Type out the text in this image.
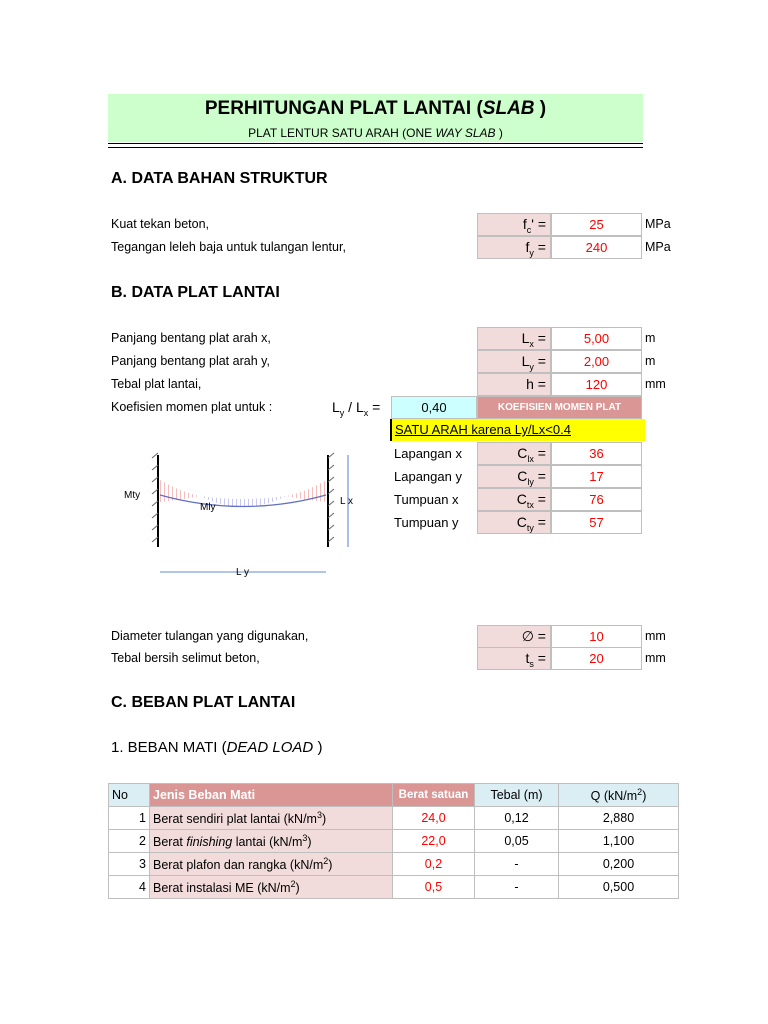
PERHITUNGAN PLAT LANTAI (SLAB )
PLAT LENTUR SATU ARAH (ONE WAY SLAB )
A. DATA BAHAN STRUKTUR
Kuat tekan beton,	$f_c'$ =	25	MPa
Tegangan leleh baja untuk tulangan lentur,	$f_y$ =	240	MPa
B. DATA PLAT LANTAI
Panjang bentang plat arah x,	$L_x$ =	5,00	m
Panjang bentang plat arah y,	$L_y$ =	2,00	m
Tebal plat lantai,	h =	120	mm
Koefisien momen plat untuk :	$L_y / L_x$ =	0,40	KOEFISIEN MOMEN PLAT
SATU ARAH karena Ly/Lx<0.4
Lapangan x	$C_{lx}$ =	36
Lapangan y	$C_{ly}$ =	17
Tumpuan x	$C_{tx}$ =	76
Tumpuan y	$C_{ty}$ =	57
L x
L y
Mty
Mly
Diameter tulangan yang digunakan,	∅ =	10	mm
Tebal bersih selimut beton,	$t_s$ =	20	mm
C. BEBAN PLAT LANTAI
1. BEBAN MATI (DEAD LOAD )
No	Jenis Beban Mati	Berat satuan	Tebal (m)	Q $(kN/m^2)$
1	Berat sendiri plat lantai $(kN/m^3)$	24,0	0,12	2,880
2	Berat finishing lantai $(kN/m^3)$	22,0	0,05	1,100
3	Berat plafon dan rangka $(kN/m^2)$	0,2	-	0,200
4	Berat instalasi ME $(kN/m^2)$	0,5	-	0,500
